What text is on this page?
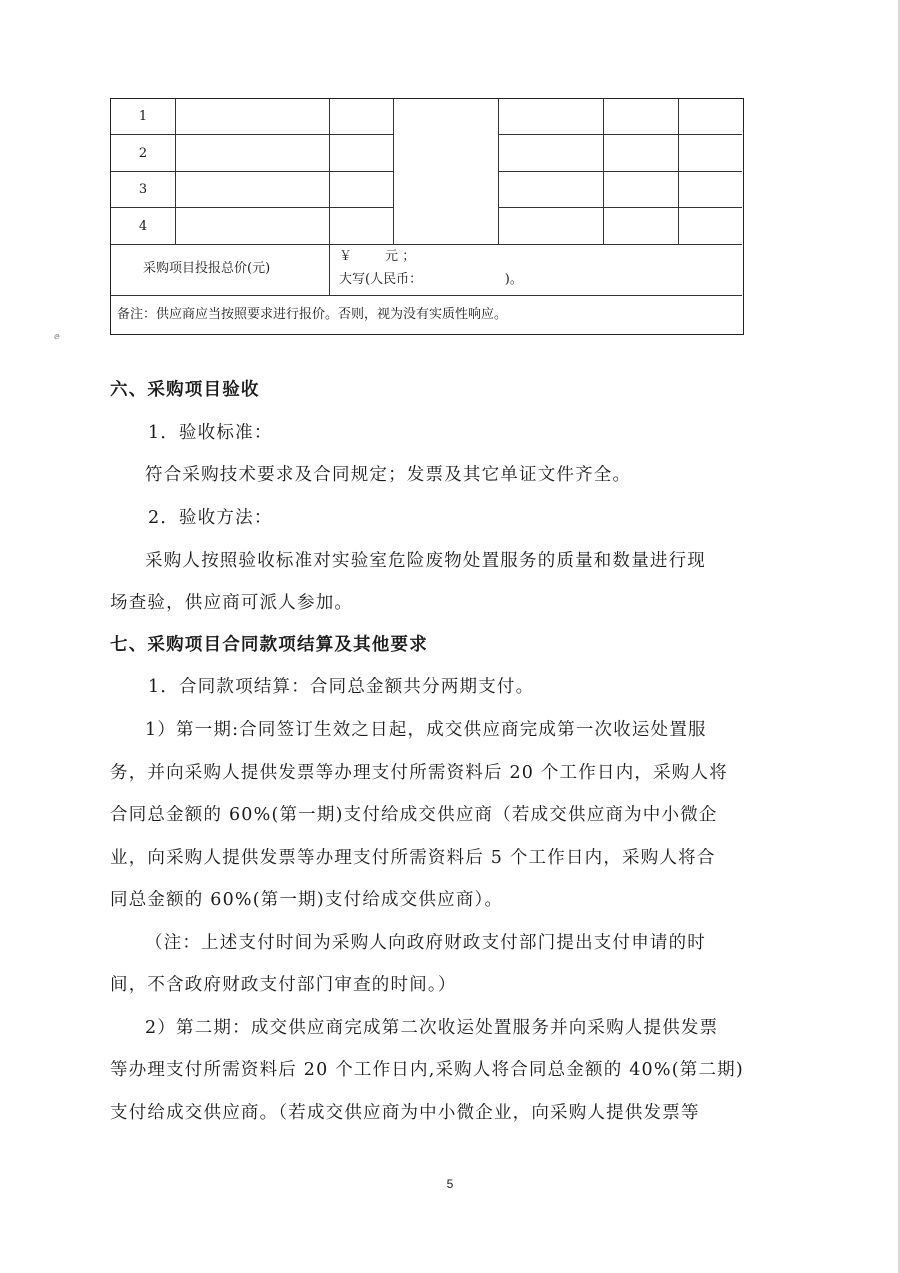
ⅇ
1
2
3
4
采购项目投报总价(元)
￥        元 ；
大写(人民币：                    )。
备注：供应商应当按照要求进行报价。否则，视为没有实质性响应。
六、采购项目验收
1．验收标准：
符合采购技术要求及合同规定；发票及其它单证文件齐全。
2．验收方法：
采购人按照验收标准对实验室危险废物处置服务的质量和数量进行现
场查验，供应商可派人参加。
七、采购项目合同款项结算及其他要求
1．合同款项结算：合同总金额共分两期支付。
1）第一期:合同签订生效之日起，成交供应商完成第一次收运处置服
务，并向采购人提供发票等办理支付所需资料后 20 个工作日内，采购人将
合同总金额的 60%(第一期)支付给成交供应商（若成交供应商为中小微企
业，向采购人提供发票等办理支付所需资料后 5 个工作日内，采购人将合
同总金额的 60%(第一期)支付给成交供应商）。
（注：上述支付时间为采购人向政府财政支付部门提出支付申请的时
间，不含政府财政支付部门审查的时间。）
2）第二期：成交供应商完成第二次收运处置服务并向采购人提供发票
等办理支付所需资料后 20 个工作日内,采购人将合同总金额的 40%(第二期)
支付给成交供应商。（若成交供应商为中小微企业，向采购人提供发票等
5
